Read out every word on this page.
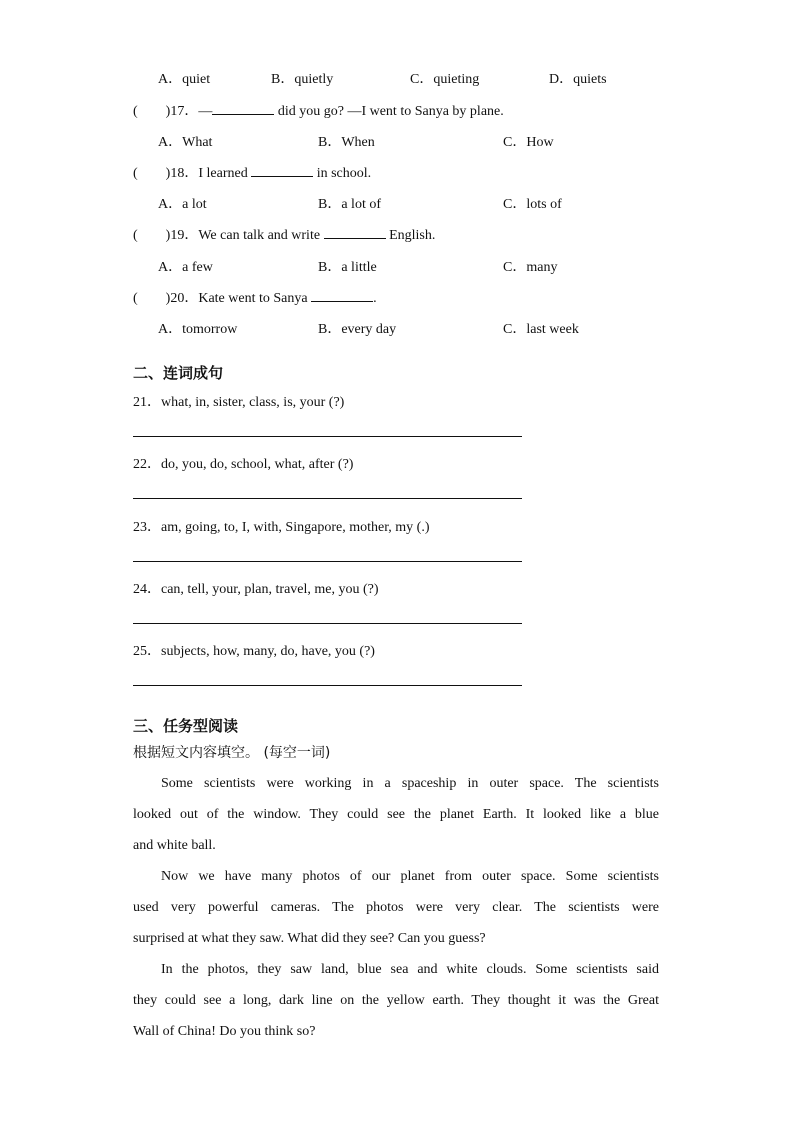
A．quiet	B．quietly	C．quieting	D．quiets
( )17．—	did you go? —I went to Sanya by plane.
A．What	B．When	C．How
( )18．I learned	in school.
A．a lot	B．a lot of	C．lots of
( )19．We can talk and write	English.
A．a few	B．a little	C．many
( )20．Kate went to Sanya	.
A．tomorrow	B．every day	C．last week
二、连词成句
21．what, in, sister, class, is, your (?)
22．do, you, do, school, what, after (?)
23．am, going, to, I, with, Singapore, mother, my (.)
24．can, tell, your, plan, travel, me, you (?)
25．subjects, how, many, do, have, you (?)
三、任务型阅读
根据短文内容填空。 (每空一词)
Some scientists were working in a spaceship in outer space. The scientists
looked out of the window. They could see the planet Earth. It looked like a blue
and white ball.
Now we have many photos of our planet from outer space. Some scientists
used very powerful cameras. The photos were very clear. The scientists were
surprised at what they saw. What did they see? Can you guess?
In the photos, they saw land, blue sea and white clouds. Some scientists said
they could see a long, dark line on the yellow earth. They thought it was the Great
Wall of China! Do you think so?
